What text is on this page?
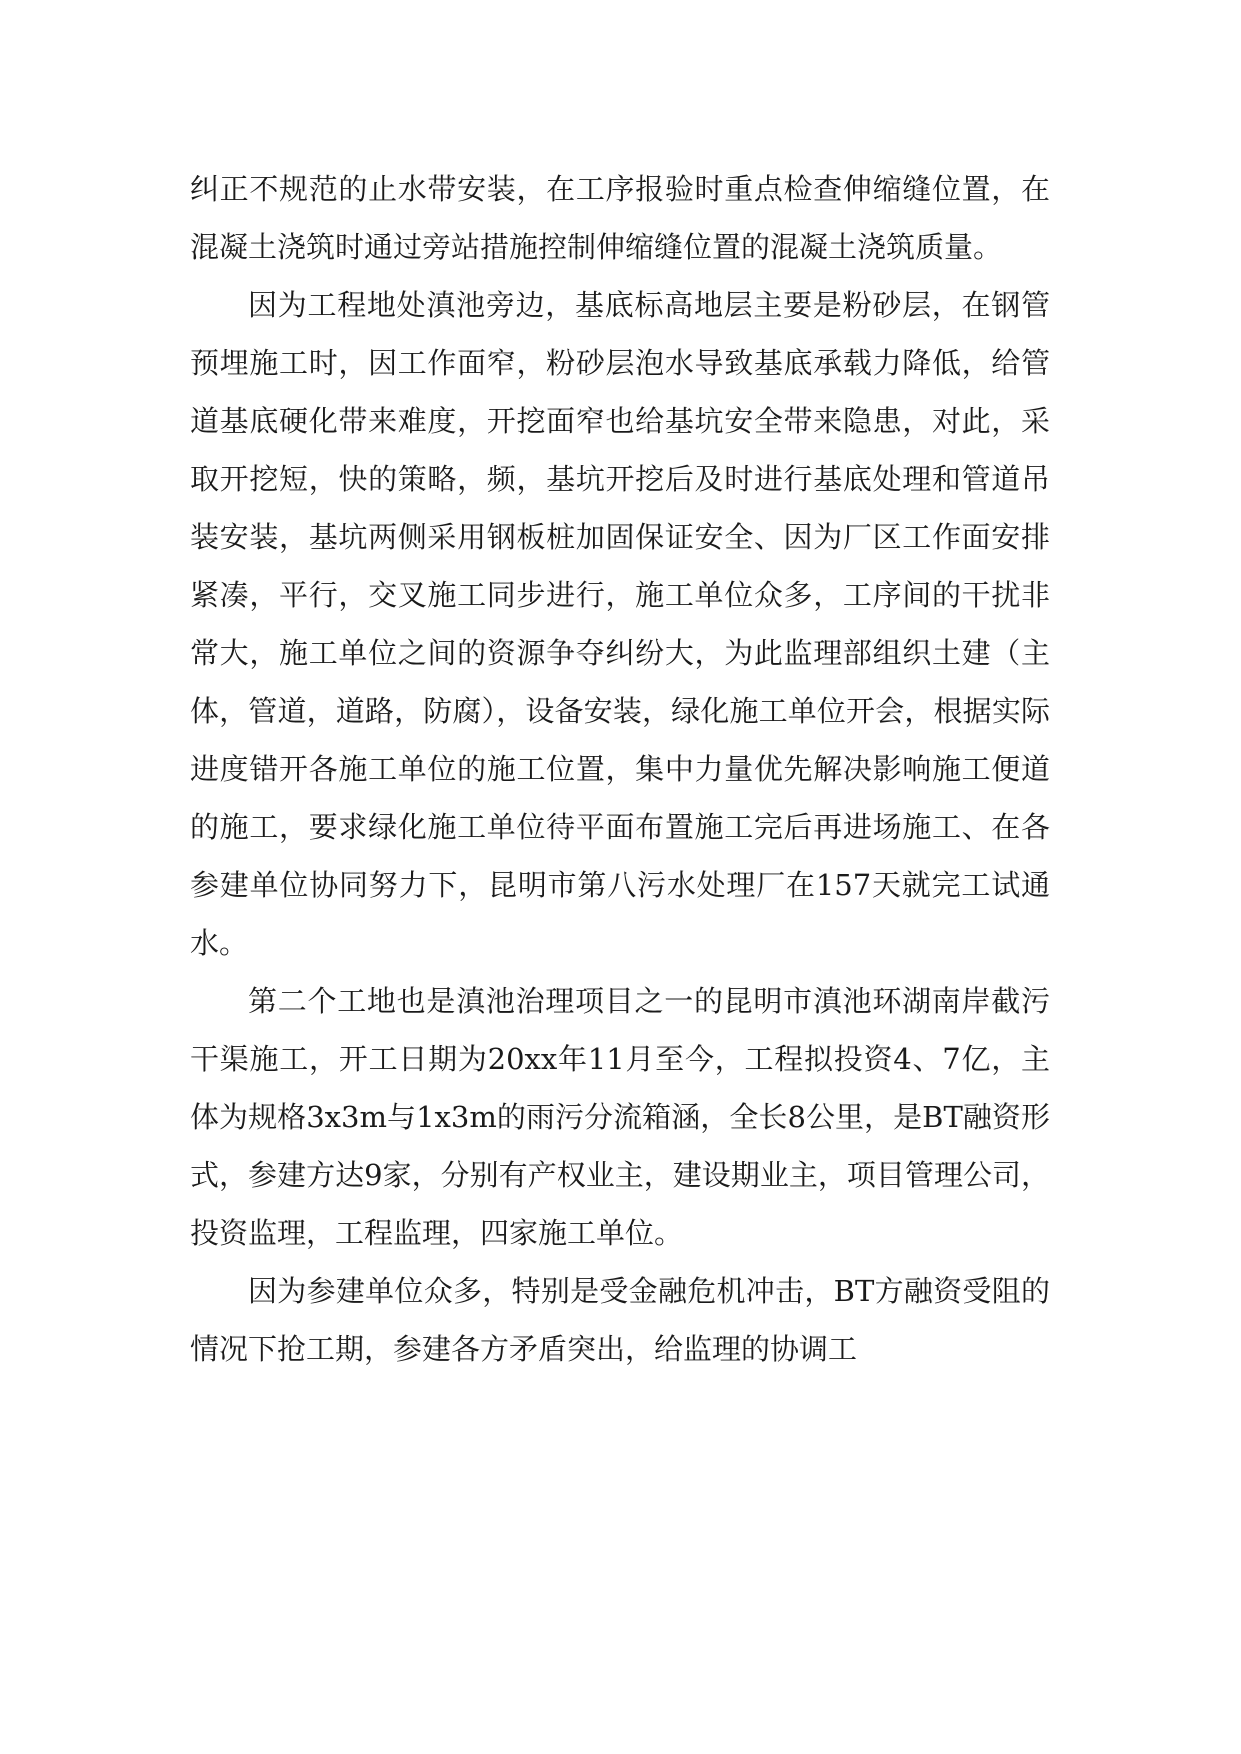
纠正不规范的止水带安装，在工序报验时重点检查伸缩缝位置，在混凝土浇筑时通过旁站措施控制伸缩缝位置的混凝土浇筑质量。

因为工程地处滇池旁边，基底标高地层主要是粉砂层，在钢管预埋施工时，因工作面窄，粉砂层泡水导致基底承载力降低，给管道基底硬化带来难度，开挖面窄也给基坑安全带来隐患，对此，采取开挖短，快的策略，频，基坑开挖后及时进行基底处理和管道吊装安装，基坑两侧采用钢板桩加固保证安全、因为厂区工作面安排紧凑，平行，交叉施工同步进行，施工单位众多，工序间的干扰非常大，施工单位之间的资源争夺纠纷大，为此监理部组织土建（主体，管道，道路，防腐），设备安装，绿化施工单位开会，根据实际进度错开各施工单位的施工位置，集中力量优先解决影响施工便道的施工，要求绿化施工单位待平面布置施工完后再进场施工、在各参建单位协同努力下，昆明市第八污水处理厂在157天就完工试通水。

第二个工地也是滇池治理项目之一的昆明市滇池环湖南岸截污干渠施工，开工日期为20xx年11月至今，工程拟投资4、7亿，主体为规格3x3m与1x3m的雨污分流箱涵，全长8公里，是BT融资形式，参建方达9家，分别有产权业主，建设期业主，项目管理公司，投资监理，工程监理，四家施工单位。

因为参建单位众多，特别是受金融危机冲击，BT方融资受阻的情况下抢工期，参建各方矛盾突出，给监理的协调工
